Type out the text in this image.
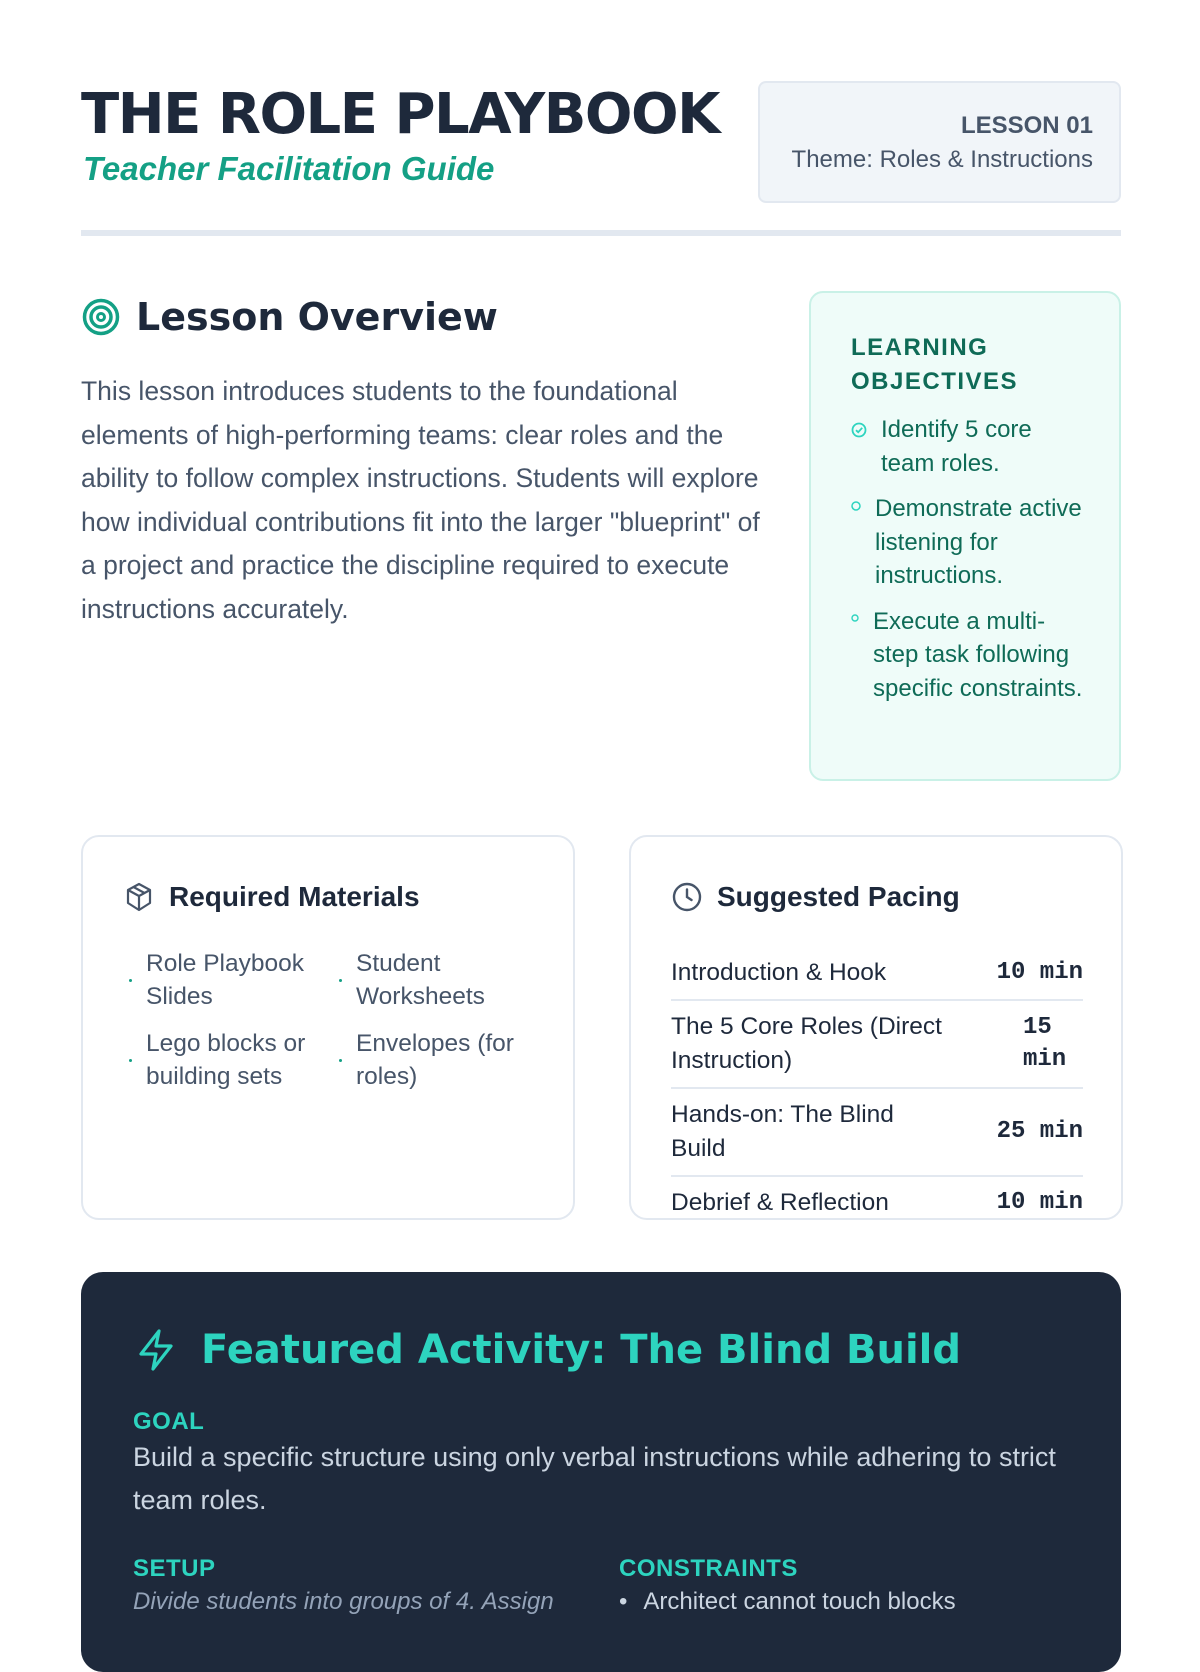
THE ROLE PLAYBOOK
Teacher Facilitation Guide
LESSON 01
Theme: Roles & Instructions
Lesson Overview

This lesson introduces students to the foundational elements of high-performing teams: clear roles and the ability to follow complex instructions. Students will explore how individual contributions fit into the larger "blueprint" of a project and practice the discipline required to execute instructions accurately.

LEARNING OBJECTIVES
Identify 5 core team roles.
Demonstrate active listening for instructions.
Execute a multi-step task following specific constraints.
Required Materials
Role Playbook Slides
Student Worksheets
Lego blocks or building sets
Envelopes (for roles)
Suggested Pacing
Introduction & Hook	10 min
The 5 Core Roles (Direct Instruction)
15 min
Hands-on: The Blind Build
25 min
Debrief & Reflection	10 min
Featured Activity: The Blind Build
GOAL

Build a specific structure using only verbal instructions while adhering to strict team roles.

SETUP

Divide students into groups of 4. Assign

CONSTRAINTS
• Architect cannot touch blocks
